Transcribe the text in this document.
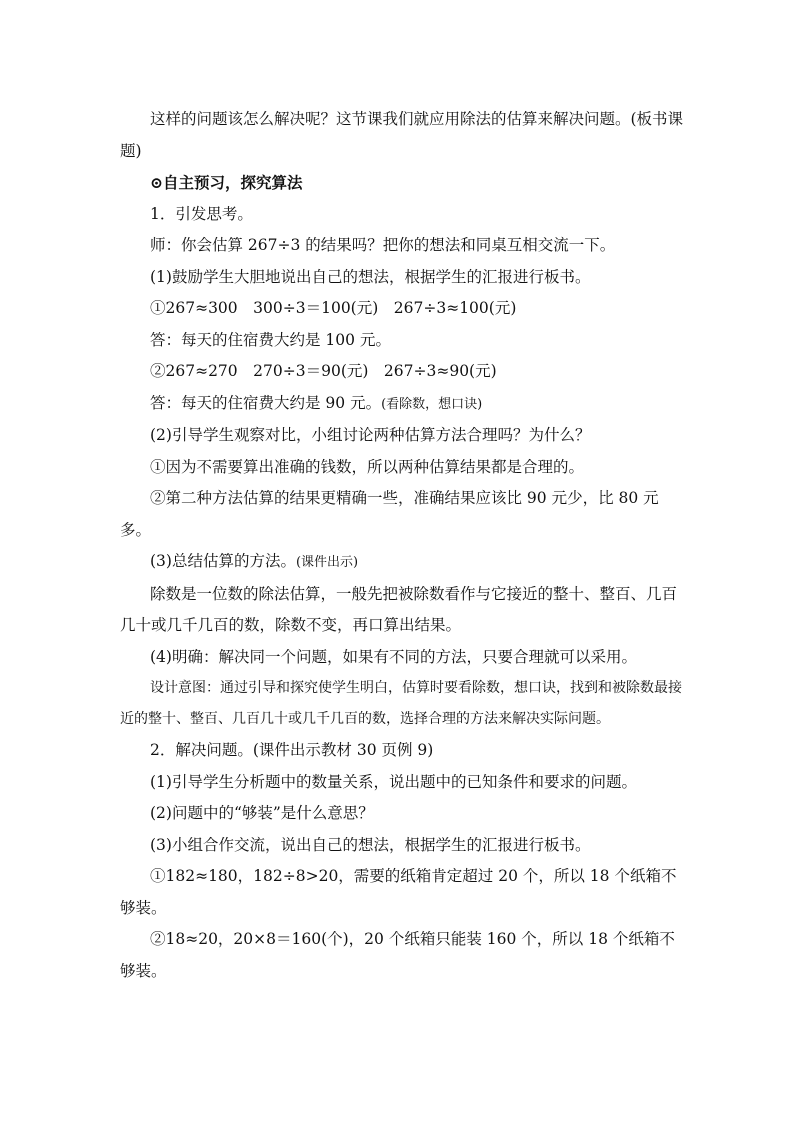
这样的问题该怎么解决呢？这节课我们就应用除法的估算来解决问题。(板书课题)

⊙自主预习，探究算法

1．引发思考。

师：你会估算 267÷3 的结果吗？把你的想法和同桌互相交流一下。

(1)鼓励学生大胆地说出自己的想法，根据学生的汇报进行板书。

①267≈300　300÷3＝100(元)　267÷3≈100(元)

答：每天的住宿费大约是 100 元。

②267≈270　270÷3＝90(元)　267÷3≈90(元)

答：每天的住宿费大约是 90 元。(看除数，想口诀)

(2)引导学生观察对比，小组讨论两种估算方法合理吗？为什么？

①因为不需要算出准确的钱数，所以两种估算结果都是合理的。

②第二种方法估算的结果更精确一些，准确结果应该比 90 元少，比 80 元多。

(3)总结估算的方法。(课件出示)

除数是一位数的除法估算，一般先把被除数看作与它接近的整十、整百、几百几十或几千几百的数，除数不变，再口算出结果。

(4)明确：解决同一个问题，如果有不同的方法，只要合理就可以采用。

设计意图：通过引导和探究使学生明白，估算时要看除数，想口诀，找到和被除数最接近的整十、整百、几百几十或几千几百的数，选择合理的方法来解决实际问题。

2．解决问题。(课件出示教材 30 页例 9)

(1)引导学生分析题中的数量关系，说出题中的已知条件和要求的问题。

(2)问题中的“够装”是什么意思？

(3)小组合作交流，说出自己的想法，根据学生的汇报进行板书。

①182≈180，182÷8>20，需要的纸箱肯定超过 20 个，所以 18 个纸箱不够装。

②18≈20，20×8＝160(个)，20 个纸箱只能装 160 个，所以 18 个纸箱不够装。
